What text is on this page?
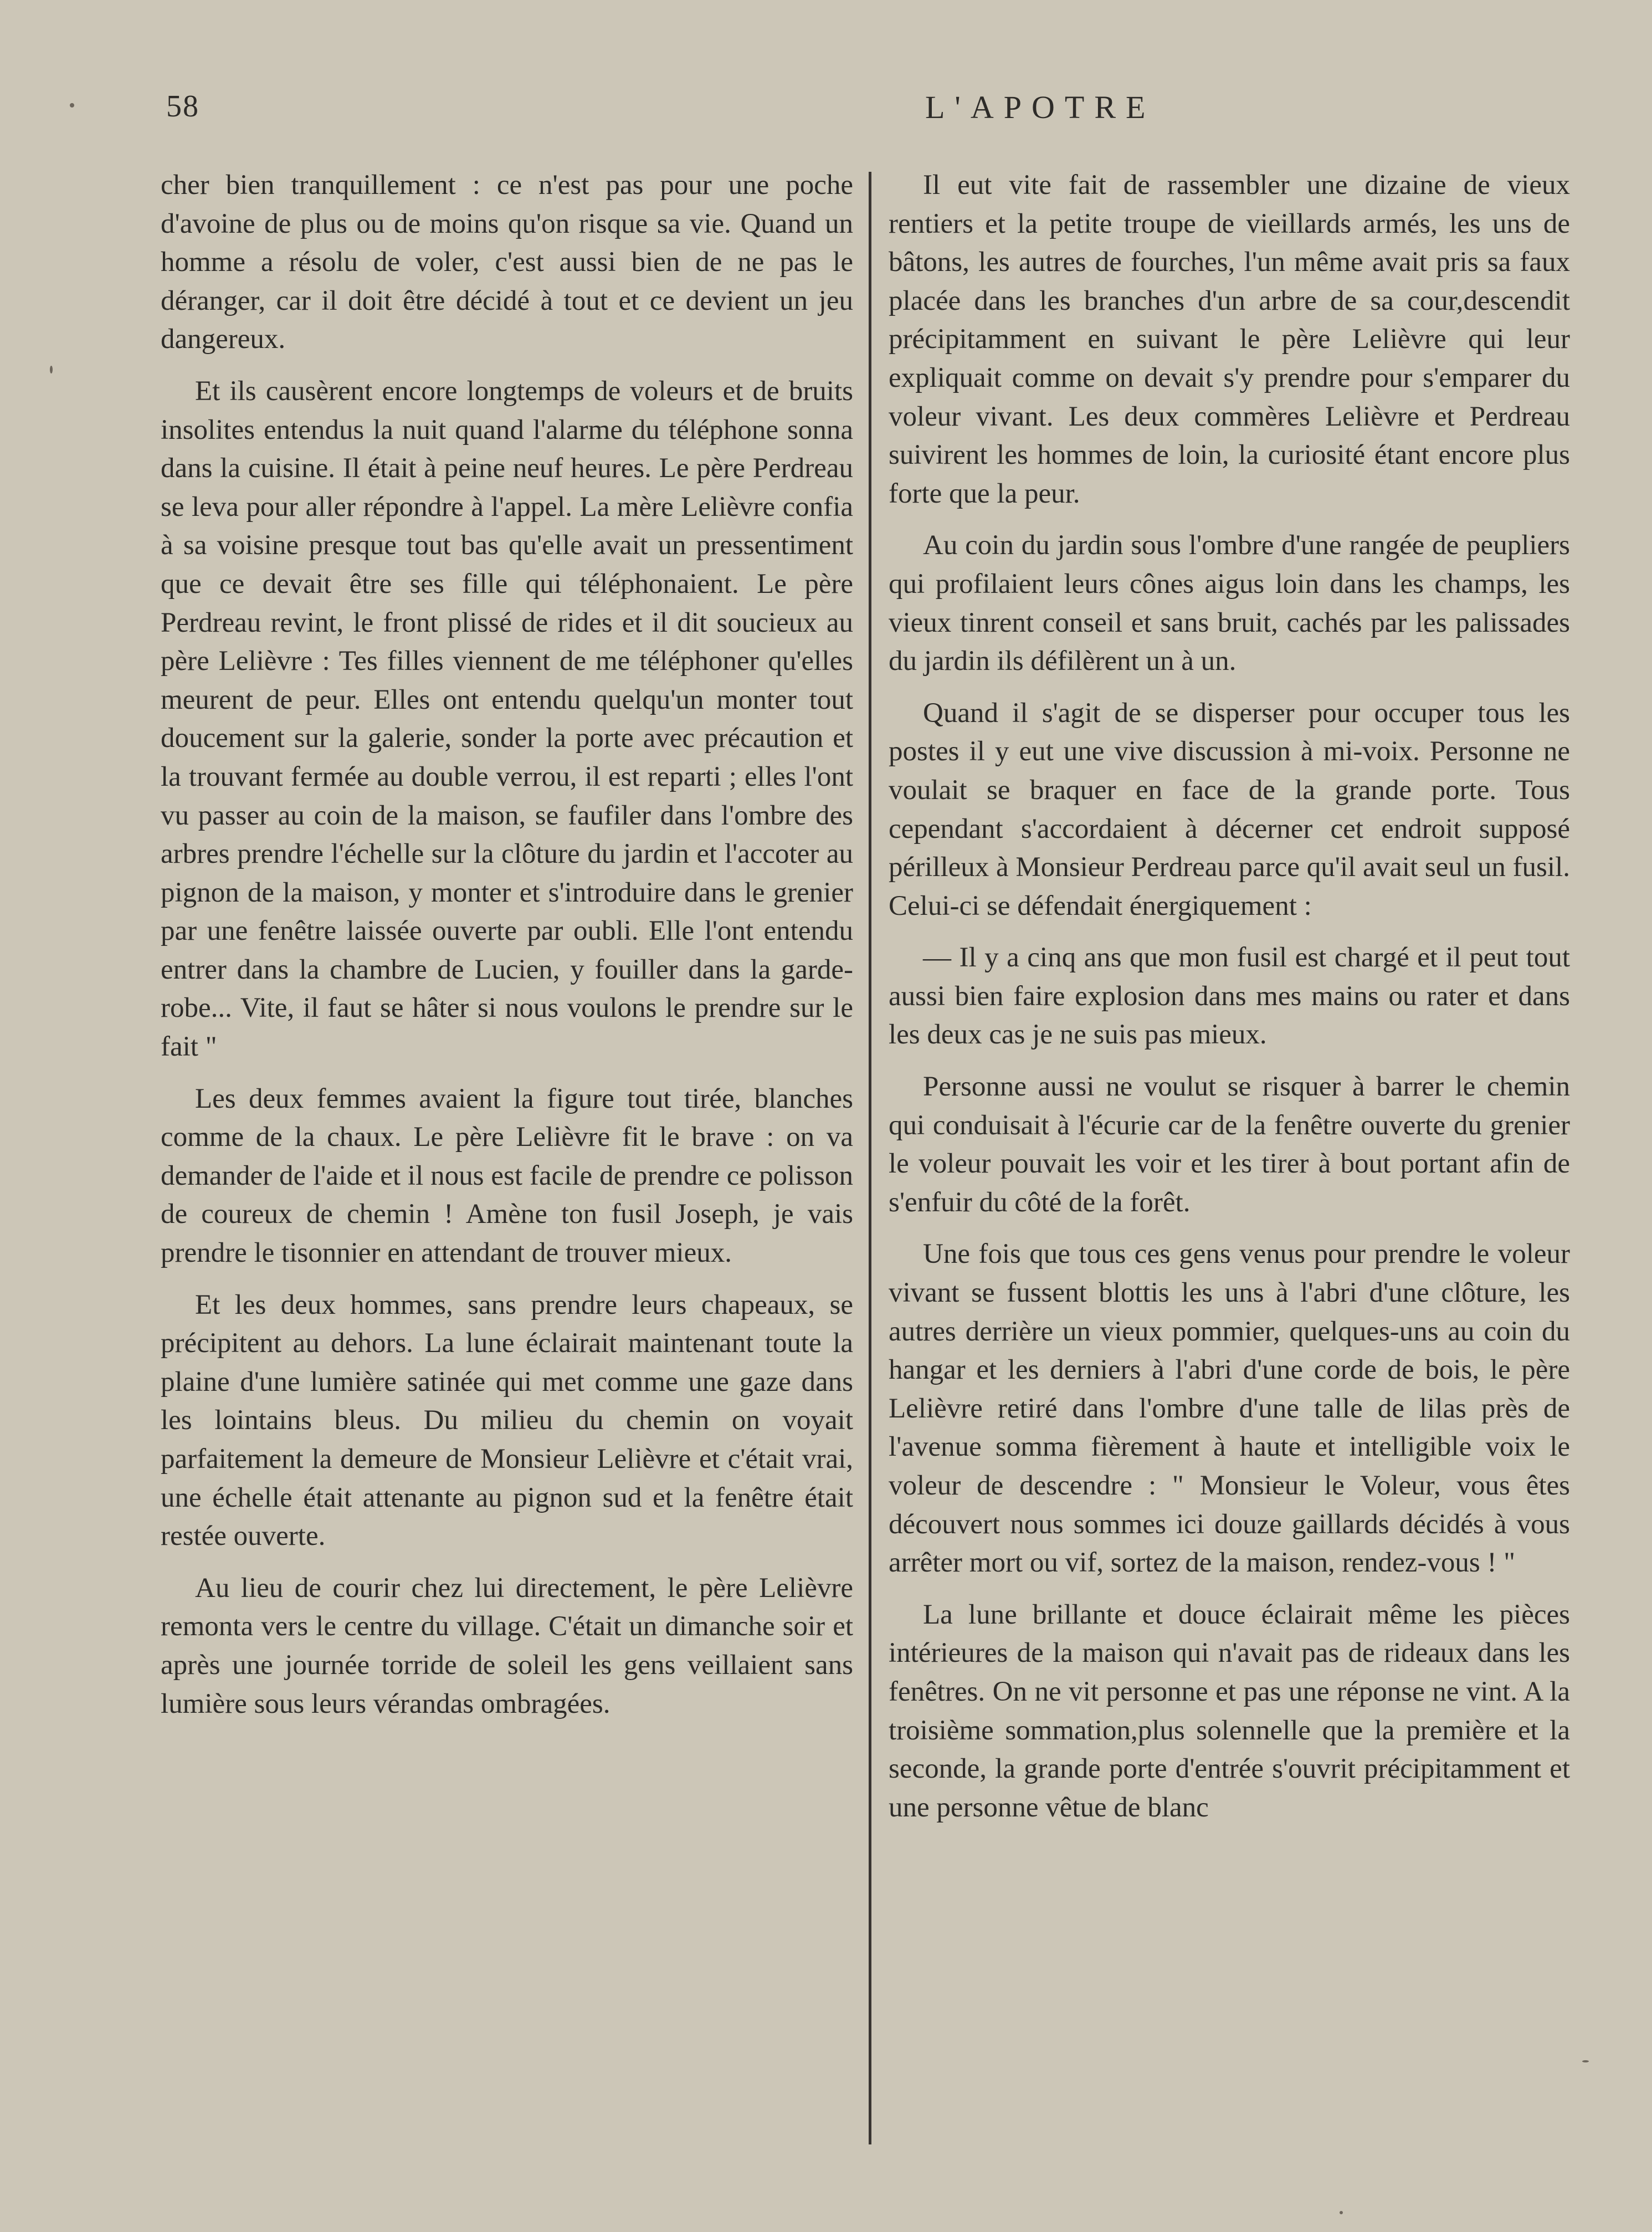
58	L'APOTRE

cher bien tranquillement : ce n'est pas pour une poche d'avoine de plus ou de moins qu'on risque sa vie. Quand un homme a résolu de voler, c'est aussi bien de ne pas le déranger, car il doit être décidé à tout et ce devient un jeu dangereux.

Et ils causèrent encore longtemps de voleurs et de bruits insolites entendus la nuit quand l'alarme du téléphone sonna dans la cuisine. Il était à peine neuf heures. Le père Perdreau se leva pour aller répondre à l'appel. La mère Lelièvre confia à sa voisine presque tout bas qu'elle avait un pressentiment que ce devait être ses fille qui téléphonaient. Le père Perdreau revint, le front plissé de rides et il dit soucieux au père Lelièvre : Tes filles viennent de me téléphoner qu'elles meurent de peur. Elles ont entendu quelqu'un monter tout doucement sur la galerie, sonder la porte avec précaution et la trouvant fermée au double verrou, il est reparti ; elles l'ont vu passer au coin de la maison, se faufiler dans l'ombre des arbres prendre l'échelle sur la clôture du jardin et l'accoter au pignon de la maison, y monter et s'introduire dans le grenier par une fenêtre laissée ouverte par oubli. Elle l'ont entendu entrer dans la chambre de Lucien, y fouiller dans la garde-robe... Vite, il faut se hâter si nous voulons le prendre sur le fait "

Les deux femmes avaient la figure tout tirée, blanches comme de la chaux. Le père Lelièvre fit le brave : on va demander de l'aide et il nous est facile de prendre ce polisson de coureux de chemin ! Amène ton fusil Joseph, je vais prendre le tisonnier en attendant de trouver mieux.

Et les deux hommes, sans prendre leurs chapeaux, se précipitent au dehors. La lune éclairait maintenant toute la plaine d'une lumière satinée qui met comme une gaze dans les lointains bleus. Du milieu du chemin on voyait parfaitement la demeure de Monsieur Lelièvre et c'était vrai, une échelle était attenante au pignon sud et la fenêtre était restée ouverte.

Au lieu de courir chez lui directement, le père Lelièvre remonta vers le centre du village. C'était un dimanche soir et après une journée torride de soleil les gens veillaient sans lumière sous leurs vérandas ombragées.

Il eut vite fait de rassembler une dizaine de vieux rentiers et la petite troupe de vieillards armés, les uns de bâtons, les autres de fourches, l'un même avait pris sa faux placée dans les branches d'un arbre de sa cour,descendit précipitamment en suivant le père Lelièvre qui leur expliquait comme on devait s'y prendre pour s'emparer du voleur vivant. Les deux commères Lelièvre et Perdreau suivirent les hommes de loin, la curiosité étant encore plus forte que la peur.

Au coin du jardin sous l'ombre d'une rangée de peupliers qui profilaient leurs cônes aigus loin dans les champs, les vieux tinrent conseil et sans bruit, cachés par les palissades du jardin ils défilèrent un à un.

Quand il s'agit de se disperser pour occuper tous les postes il y eut une vive discussion à mi-voix. Personne ne voulait se braquer en face de la grande porte. Tous cependant s'accordaient à décerner cet endroit supposé périlleux à Monsieur Perdreau parce qu'il avait seul un fusil. Celui-ci se défendait énergiquement :

— Il y a cinq ans que mon fusil est chargé et il peut tout aussi bien faire explosion dans mes mains ou rater et dans les deux cas je ne suis pas mieux.

Personne aussi ne voulut se risquer à barrer le chemin qui conduisait à l'écurie car de la fenêtre ouverte du grenier le voleur pouvait les voir et les tirer à bout portant afin de s'enfuir du côté de la forêt.

Une fois que tous ces gens venus pour prendre le voleur vivant se fussent blottis les uns à l'abri d'une clôture, les autres derrière un vieux pommier, quelques-uns au coin du hangar et les derniers à l'abri d'une corde de bois, le père Lelièvre retiré dans l'ombre d'une talle de lilas près de l'avenue somma fièrement à haute et intelligible voix le voleur de descendre : " Monsieur le Voleur, vous êtes découvert nous sommes ici douze gaillards décidés à vous arrêter mort ou vif, sortez de la maison, rendez-vous ! "

La lune brillante et douce éclairait même les pièces intérieures de la maison qui n'avait pas de rideaux dans les fenêtres. On ne vit personne et pas une réponse ne vint. A la troisième sommation,plus solennelle que la première et la seconde, la grande porte d'entrée s'ouvrit précipitamment et une personne vêtue de blanc
